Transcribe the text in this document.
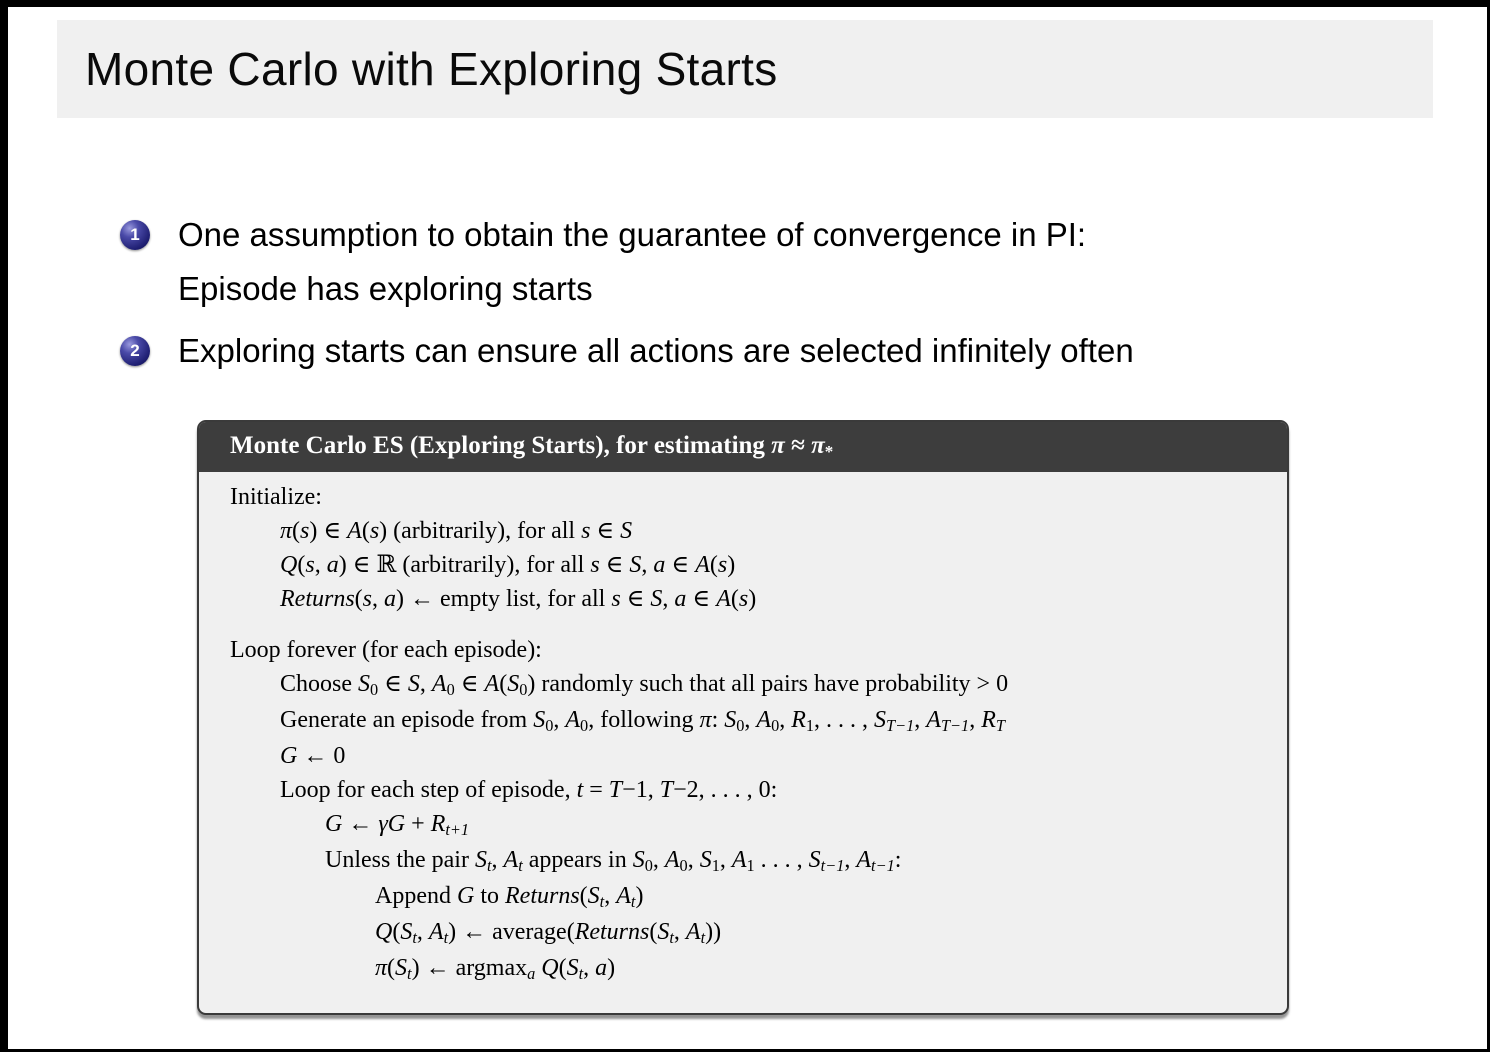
Monte Carlo with Exploring Starts
1	One assumption to obtain the guarantee of convergence in PI:
Episode has exploring starts
2	Exploring starts can ensure all actions are selected infinitely often
Monte Carlo ES (Exploring Starts), for estimating π ≈ π*
Initialize:
π(s) ∈ A(s) (arbitrarily), for all s ∈ S
Q(s, a) ∈ ℝ (arbitrarily), for all s ∈ S, a ∈ A(s)
Returns(s, a) ← empty list, for all s ∈ S, a ∈ A(s)
Loop forever (for each episode):
Choose S0 ∈ S, A0 ∈ A(S0) randomly such that all pairs have probability > 0
Generate an episode from S0, A0, following π: S0, A0, R1, . . . , ST−1, AT−1, RT
G ← 0
Loop for each step of episode, t = T−1, T−2, . . . , 0:
G ← γG + Rt+1
Unless the pair St, At appears in S0, A0, S1, A1 . . . , St−1, At−1:
Append G to Returns(St, At)
Q(St, At) ← average(Returns(St, At))
π(St) ← argmaxa Q(St, a)
